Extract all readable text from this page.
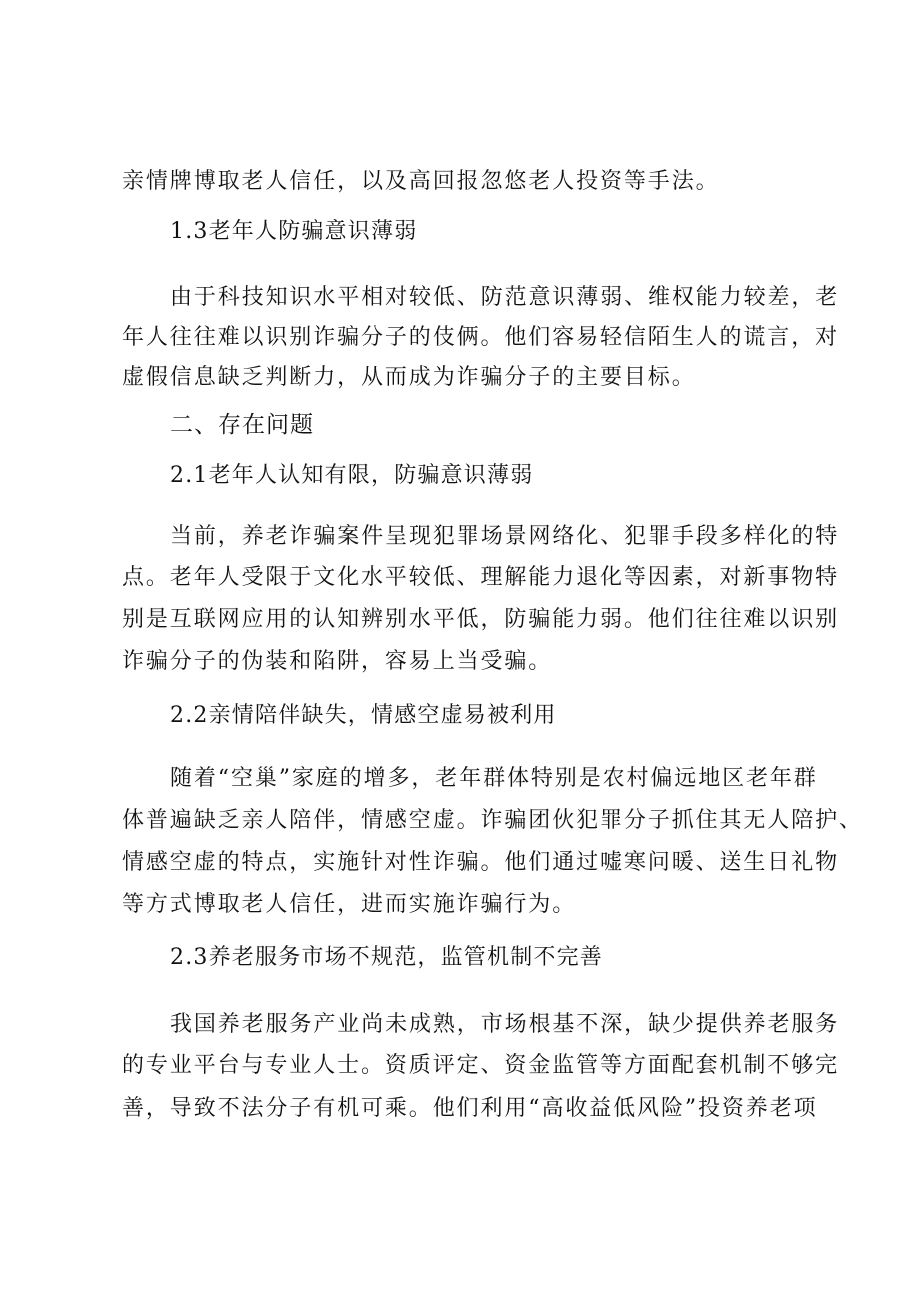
亲情牌博取老人信任，以及高回报忽悠老人投资等手法。
1.3老年人防骗意识薄弱
由于科技知识水平相对较低、防范意识薄弱、维权能力较差，老
年人往往难以识别诈骗分子的伎俩。他们容易轻信陌生人的谎言，对
虚假信息缺乏判断力，从而成为诈骗分子的主要目标。
二、存在问题
2.1老年人认知有限，防骗意识薄弱
当前，养老诈骗案件呈现犯罪场景网络化、犯罪手段多样化的特
点。老年人受限于文化水平较低、理解能力退化等因素，对新事物特
别是互联网应用的认知辨别水平低，防骗能力弱。他们往往难以识别
诈骗分子的伪装和陷阱，容易上当受骗。
2.2亲情陪伴缺失，情感空虚易被利用
随着“空巢”家庭的增多，老年群体特别是农村偏远地区老年群
体普遍缺乏亲人陪伴，情感空虚。诈骗团伙犯罪分子抓住其无人陪护、
情感空虚的特点，实施针对性诈骗。他们通过嘘寒问暖、送生日礼物
等方式博取老人信任，进而实施诈骗行为。
2.3养老服务市场不规范，监管机制不完善
我国养老服务产业尚未成熟，市场根基不深，缺少提供养老服务
的专业平台与专业人士。资质评定、资金监管等方面配套机制不够完
善，导致不法分子有机可乘。他们利用“高收益低风险”投资养老项
